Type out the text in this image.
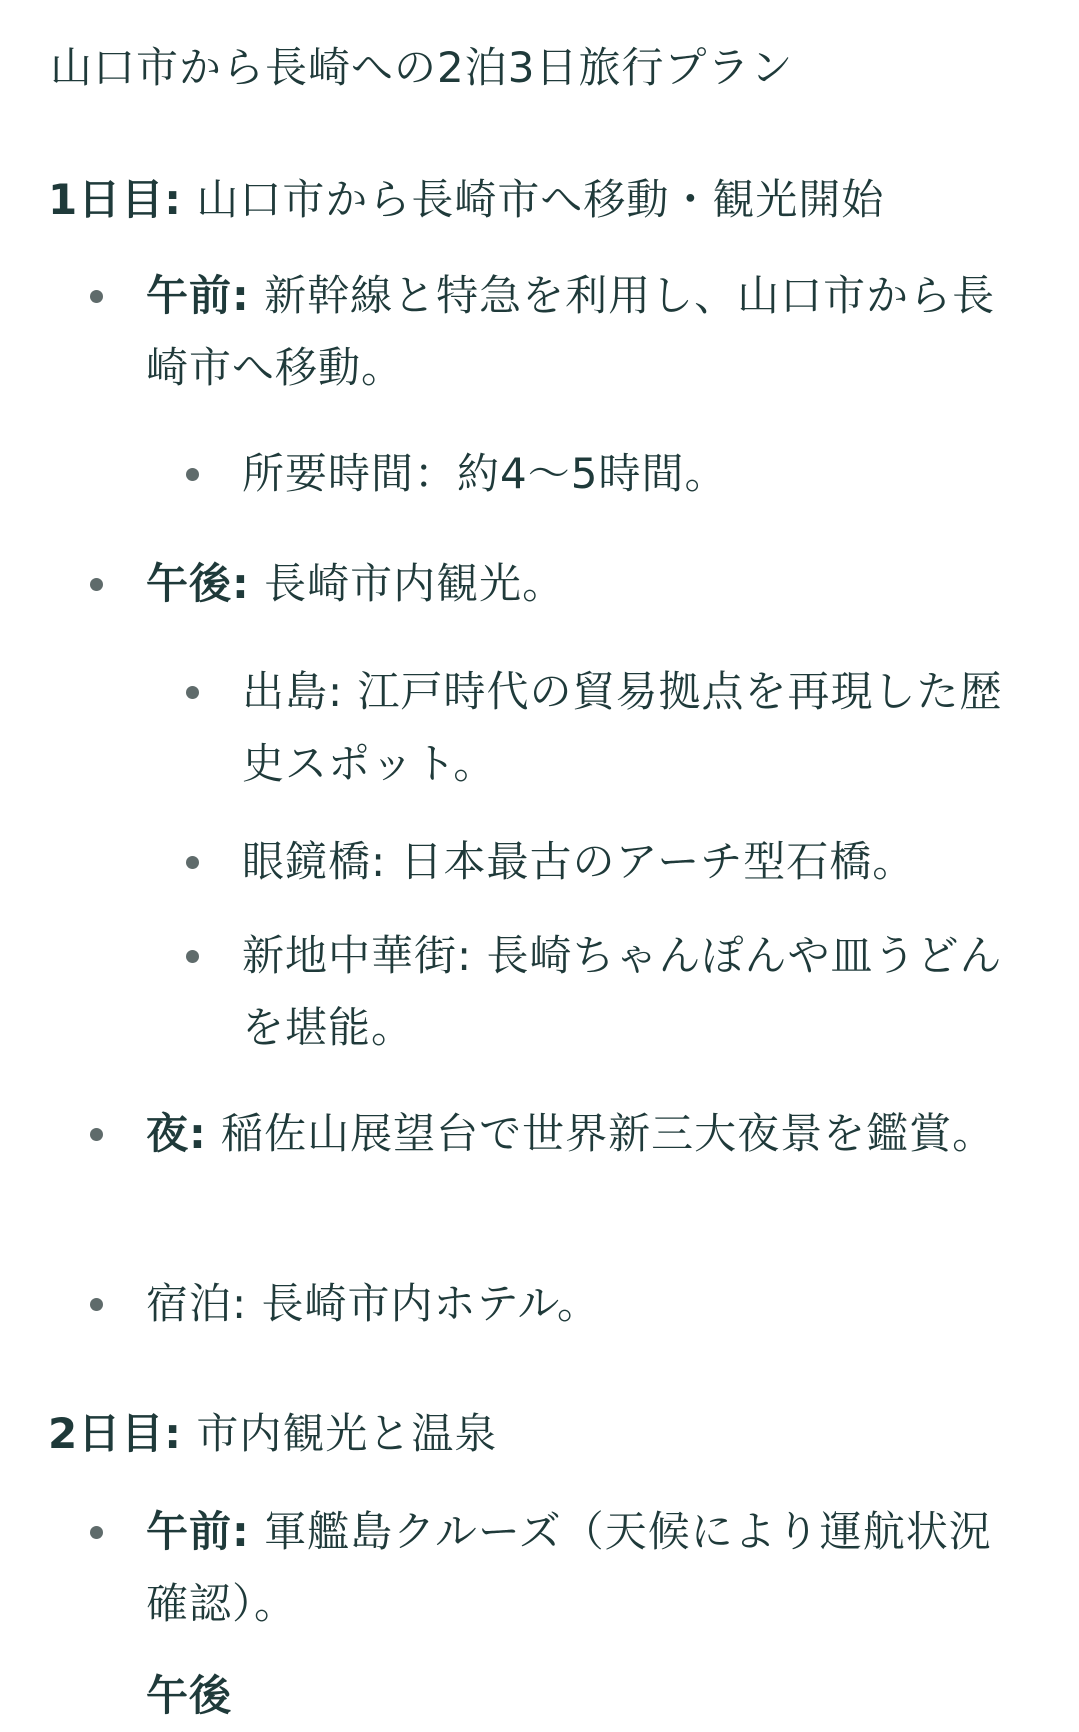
山口市から長崎への2泊3日旅行プラン
1日目: 山口市から長崎市へ移動・観光開始
午前: 新幹線と特急を利用し、山口市から長崎市へ移動。
所要時間：約4〜5時間。
午後: 長崎市内観光。
出島: 江戸時代の貿易拠点を再現した歴史スポット。
眼鏡橋: 日本最古のアーチ型石橋。
新地中華街: 長崎ちゃんぽんや皿うどんを堪能。
夜: 稲佐山展望台で世界新三大夜景を鑑賞。
宿泊: 長崎市内ホテル。
2日目: 市内観光と温泉
午前: 軍艦島クルーズ（天候により運航状況確認）。
午後
